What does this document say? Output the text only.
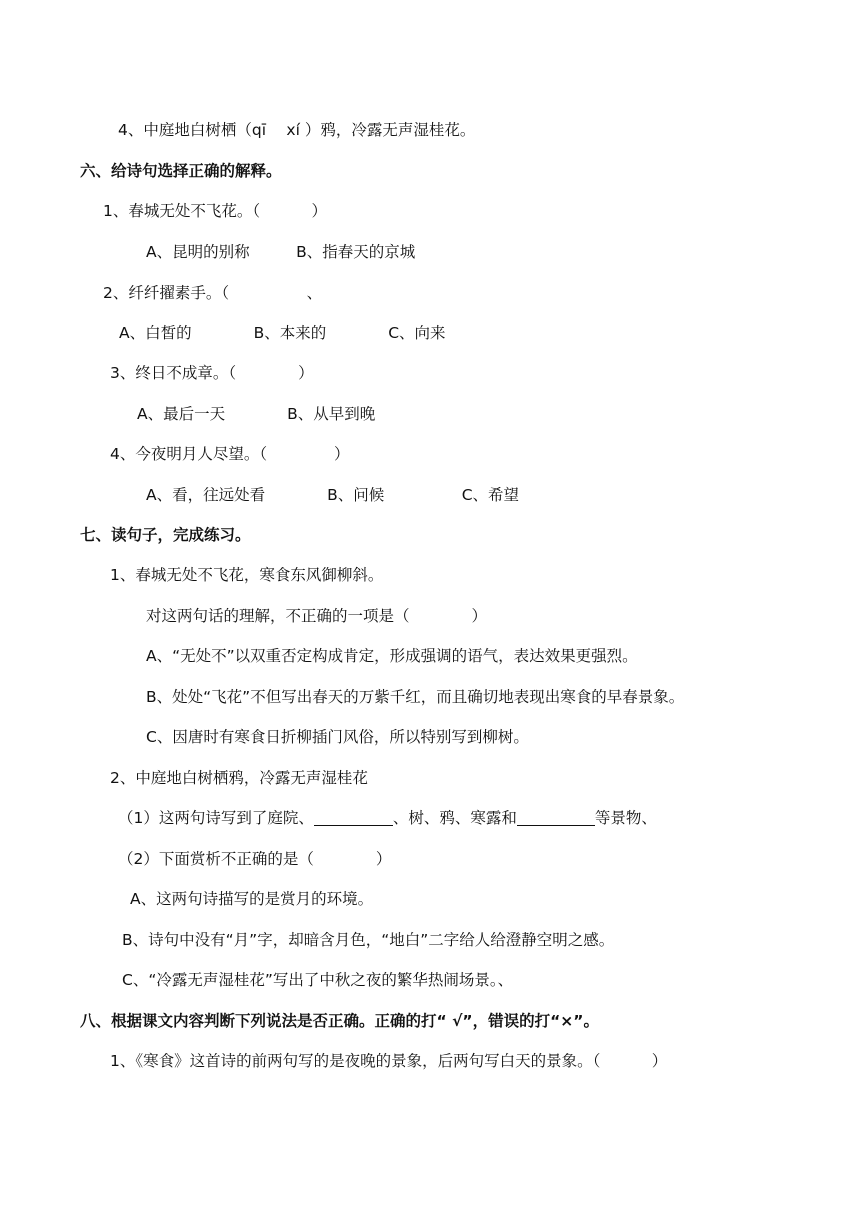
4、中庭地白树栖（qī　 xí ）鸦，冷露无声湿桂花。
六、给诗句选择正确的解释。
1、春城无处不飞花。（　　　 ）
A、昆明的别称　　　B、指春天的京城
2、纤纤擢素手。（　　　　　、
A、白皙的　　　　B、本来的　　　　C、向来
3、终日不成章。（　　　　）
A、最后一天　　　　B、从早到晚
4、今夜明月人尽望。（　　　　 ）
A、看，往远处看　　　　B、问候　　　　　C、希望
七、读句子，完成练习。
1、春城无处不飞花，寒食东风御柳斜。
对这两句话的理解，不正确的一项是（　　　　）
A、“无处不”以双重否定构成肯定，形成强调的语气，表达效果更强烈。
B、处处“飞花”不但写出春天的万紫千红，而且确切地表现出寒食的早春景象。
C、因唐时有寒食日折柳插门风俗，所以特别写到柳树。
2、中庭地白树栖鸦，冷露无声湿桂花
（1）这两句诗写到了庭院、	、树、鸦、寒露和	等景物、
（2）下面赏析不正确的是（　　　　）
A、这两句诗描写的是赏月的环境。
B、诗句中没有“月”字，却暗含月色，“地白”二字给人给澄静空明之感。
C、“冷露无声湿桂花”写出了中秋之夜的繁华热闹场景。、
八、根据课文内容判断下列说法是否正确。正确的打“ √”，错误的打“×”。
1、《寒食》这首诗的前两句写的是夜晚的景象，后两句写白天的景象。（　　　 ）
